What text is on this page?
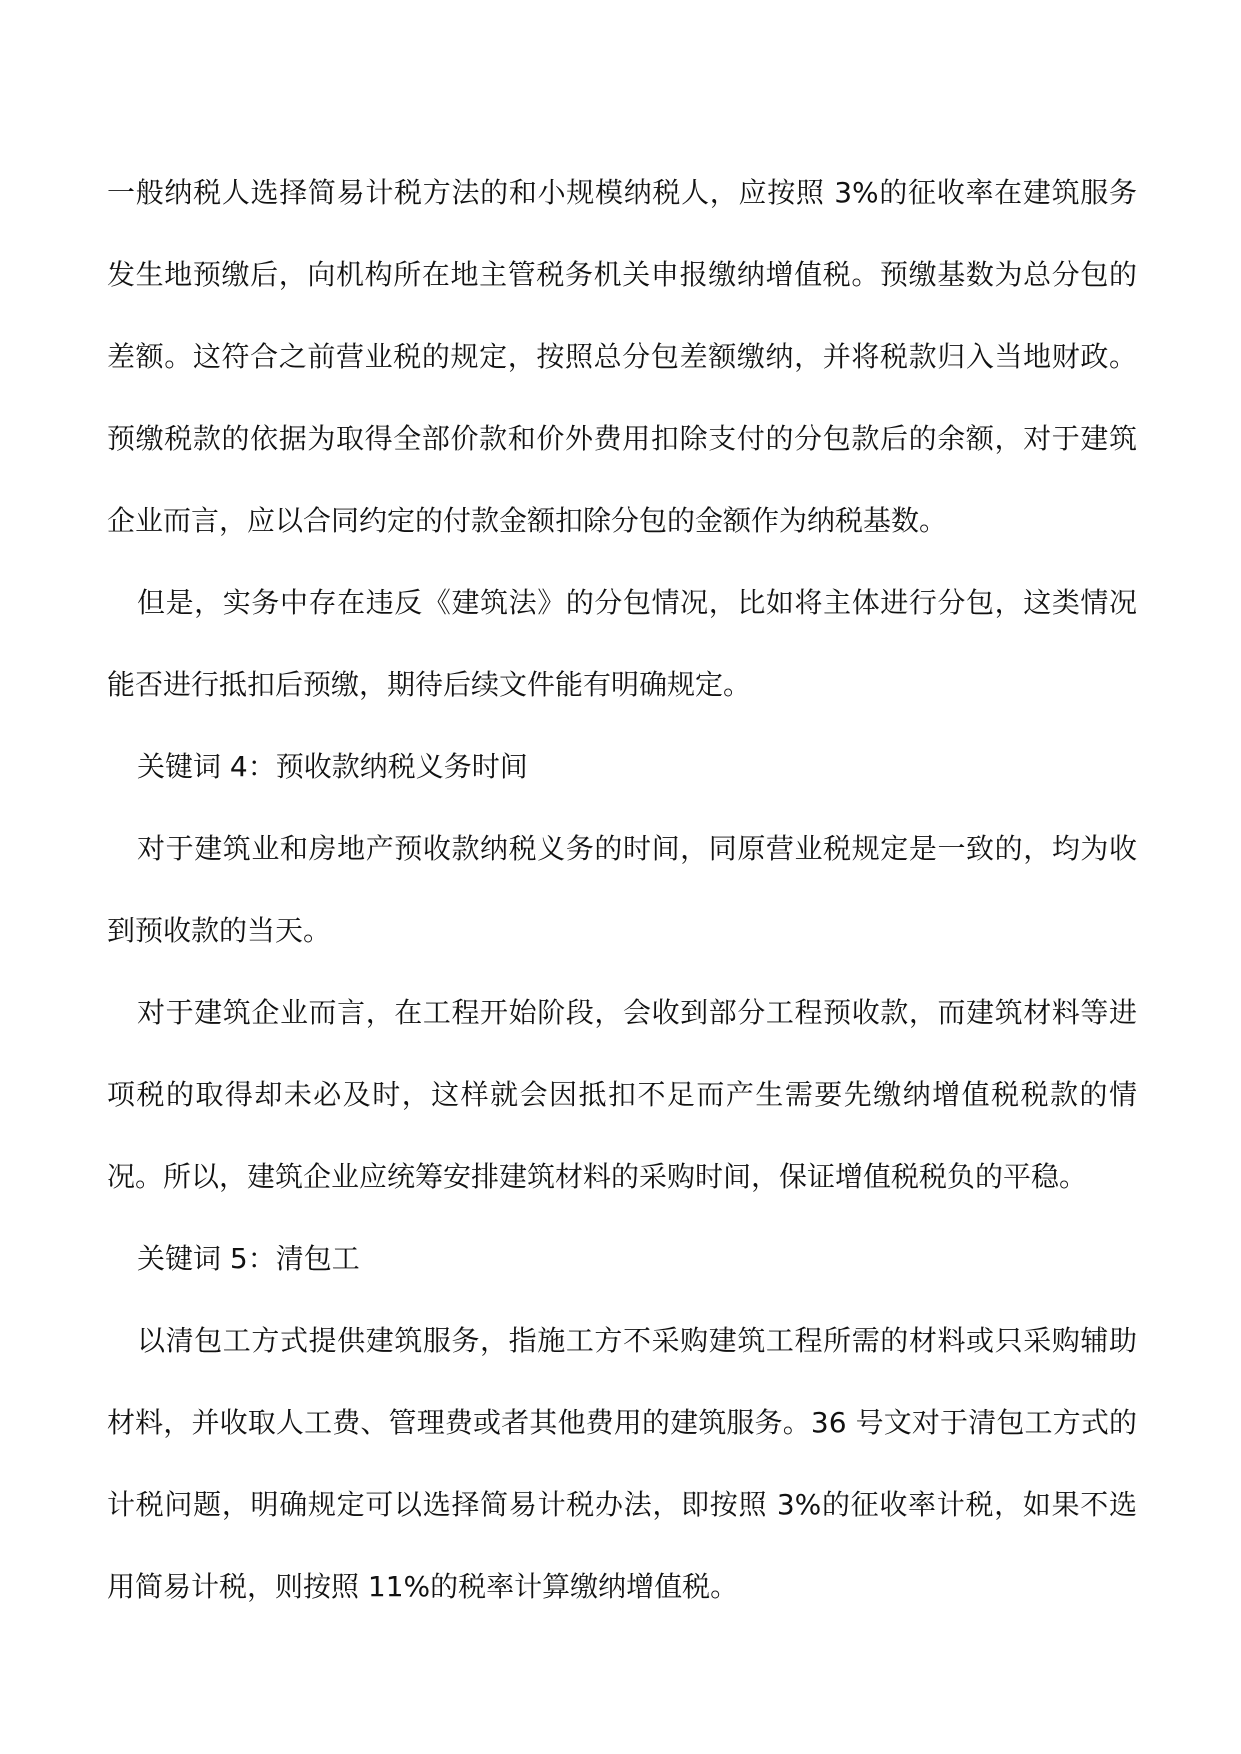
一般纳税人选择简易计税方法的和小规模纳税人，应按照 3%的征收率在建筑服务发生地预缴后，向机构所在地主管税务机关申报缴纳增值税。预缴基数为总分包的差额。这符合之前营业税的规定，按照总分包差额缴纳，并将税款归入当地财政。预缴税款的依据为取得全部价款和价外费用扣除支付的分包款后的余额，对于建筑企业而言，应以合同约定的付款金额扣除分包的金额作为纳税基数。

但是，实务中存在违反《建筑法》的分包情况，比如将主体进行分包，这类情况能否进行抵扣后预缴，期待后续文件能有明确规定。

关键词 4：预收款纳税义务时间

对于建筑业和房地产预收款纳税义务的时间，同原营业税规定是一致的，均为收到预收款的当天。

对于建筑企业而言，在工程开始阶段，会收到部分工程预收款，而建筑材料等进项税的取得却未必及时，这样就会因抵扣不足而产生需要先缴纳增值税税款的情况。所以，建筑企业应统筹安排建筑材料的采购时间，保证增值税税负的平稳。

关键词 5：清包工

以清包工方式提供建筑服务，指施工方不采购建筑工程所需的材料或只采购辅助材料，并收取人工费、管理费或者其他费用的建筑服务。36 号文对于清包工方式的计税问题，明确规定可以选择简易计税办法，即按照 3%的征收率计税，如果不选用简易计税，则按照 11%的税率计算缴纳增值税。
